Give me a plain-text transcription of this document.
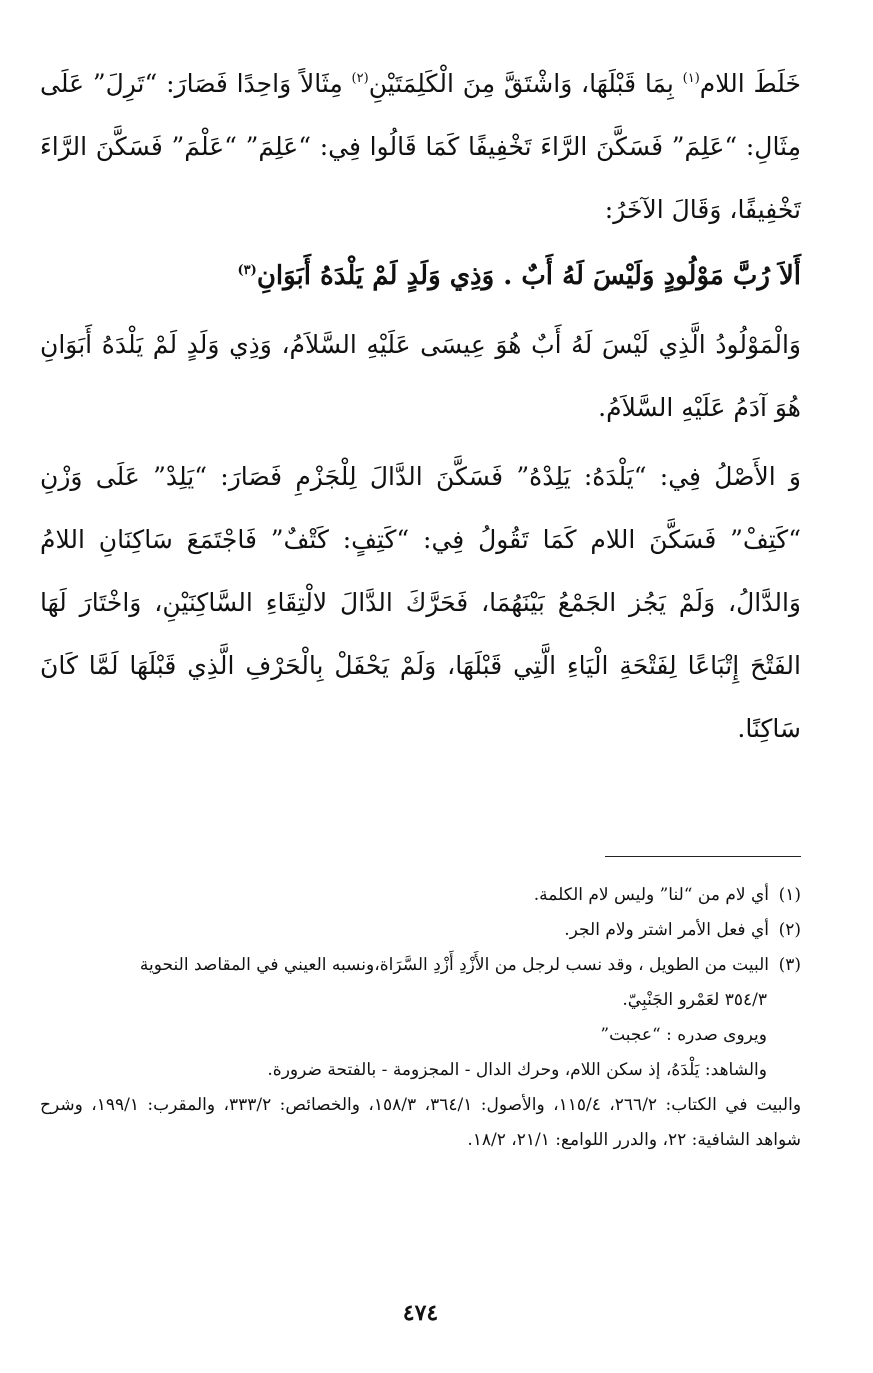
خَلَطَ اللام$^{(١)}$ بِمَا قَبْلَهَا، وَاشْتَقَّ مِنَ الْكَلِمَتَيْنِ$^{(٢)}$ مِثَالاً وَاحِدًا فَصَارَ: “تَرِلَ” عَلَى مِثَالِ: “عَلِمَ” فَسَكَّنَ الرَّاءَ تَخْفِيفًا كَمَا قَالُوا فِي: “عَلِمَ” “عَلْمَ” فَسَكَّنَ الرَّاءَ تَخْفِيفًا، وَقَالَ الآخَرُ:

أَلاَ رُبَّ مَوْلُودٍ وَلَيْسَ لَهُ أَبٌ . وَذِي وَلَدٍ لَمْ يَلْدَهُ أَبَوَانِ$^{(٣)}$

وَالْمَوْلُودُ الَّذِي لَيْسَ لَهُ أَبٌ هُوَ عِيسَى عَلَيْهِ السَّلاَمُ، وَذِي وَلَدٍ لَمْ يَلْدَهُ أَبَوَانِ هُوَ آدَمُ عَلَيْهِ السَّلاَمُ.

وَ الأَصْلُ فِي: “يَلْدَهُ: يَلِدْهُ” فَسَكَّنَ الدَّالَ لِلْجَزْمِ فَصَارَ: “يَلِدْ” عَلَى وَزْنِ “كَتِفْ” فَسَكَّنَ اللام كَمَا تَقُولُ فِي: “كَتِفٍ: كَتْفٌ” فَاجْتَمَعَ سَاكِنَانِ اللامُ وَالدَّالُ، وَلَمْ يَجُز الجَمْعُ بَيْنَهُمَا، فَحَرَّكَ الدَّالَ لالْتِقَاءِ السَّاكِنَيْنِ، وَاخْتَارَ لَهَا الفَتْحَ إِتْبَاعًا لِفَتْحَةِ الْيَاءِ الَّتِي قَبْلَهَا، وَلَمْ يَحْفَلْ بِالْحَرْفِ الَّذِي قَبْلَهَا لَمَّا كَانَ سَاكِنًا.

(١)أي لام من “لنا” وليس لام الكلمة.

(٢)أي فعل الأمر اشتر ولام الجر.

(٣)البيت من الطويل ، وقد نسب لرجل من الأَزْدِ أَزْدِ السَّرَاة،ونسبه العيني في المقاصد النحوية

٣٥٤/٣ لعَمْرو الجَنْبِيّ.

ويروى صدره : “عجبت”

والشاهد: يَلْدَهُ، إذ سكن اللام، وحرك الدال - المجزومة - بالفتحة ضرورة.

والبيت في الكتاب: ٢٦٦/٢، ١١٥/٤، والأصول: ٣٦٤/١، ١٥٨/٣، والخصائص: ٣٣٣/٢، والمقرب: ١٩٩/١، وشرح شواهد الشافية: ٢٢، والدرر اللوامع: ٢١/١، ١٨/٢.

٤٧٤
